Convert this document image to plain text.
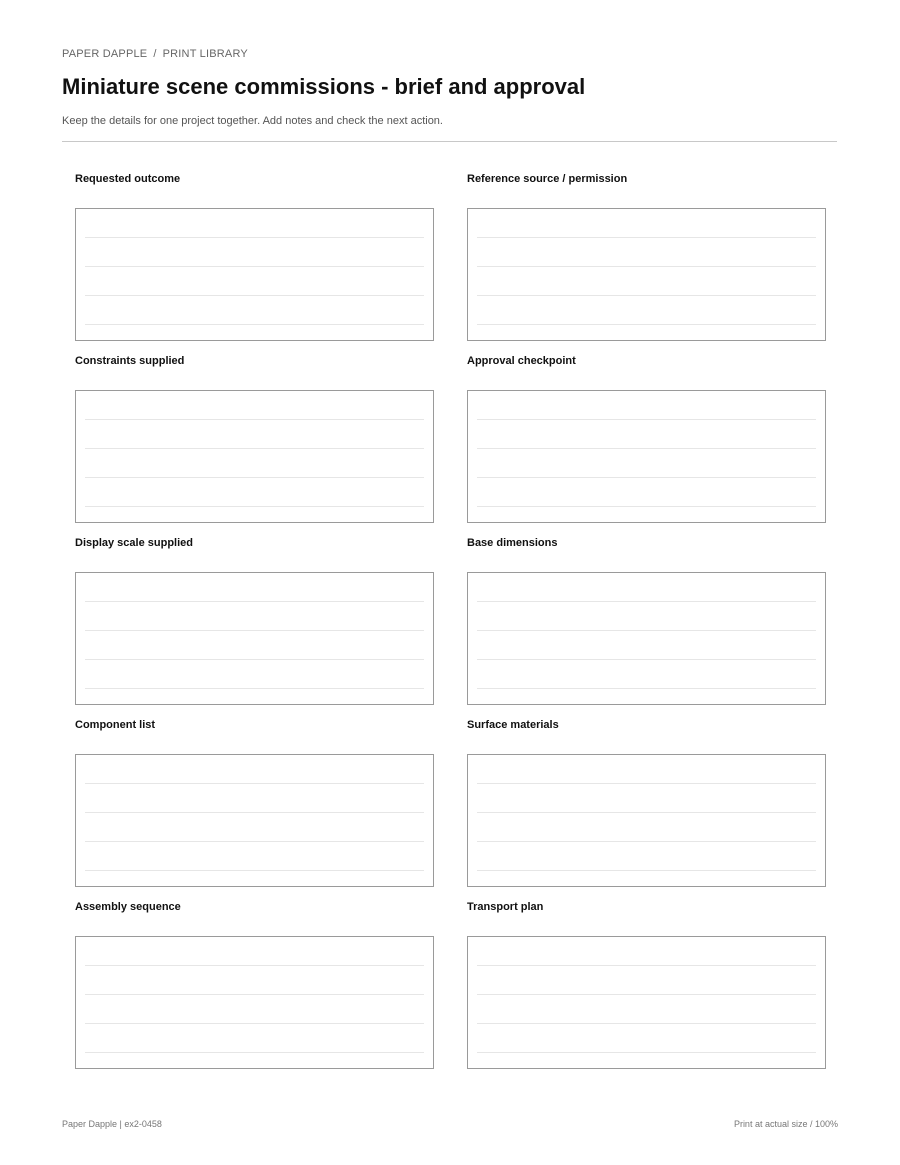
PAPER DAPPLE / PRINT LIBRARY
Miniature scene commissions - brief and approval
Keep the details for one project together. Add notes and check the next action.
Requested outcome	Reference source / permission
Constraints supplied	Approval checkpoint
Display scale supplied	Base dimensions
Component list	Surface materials
Assembly sequence	Transport plan
Paper Dapple | ex2-0458	Print at actual size / 100%
